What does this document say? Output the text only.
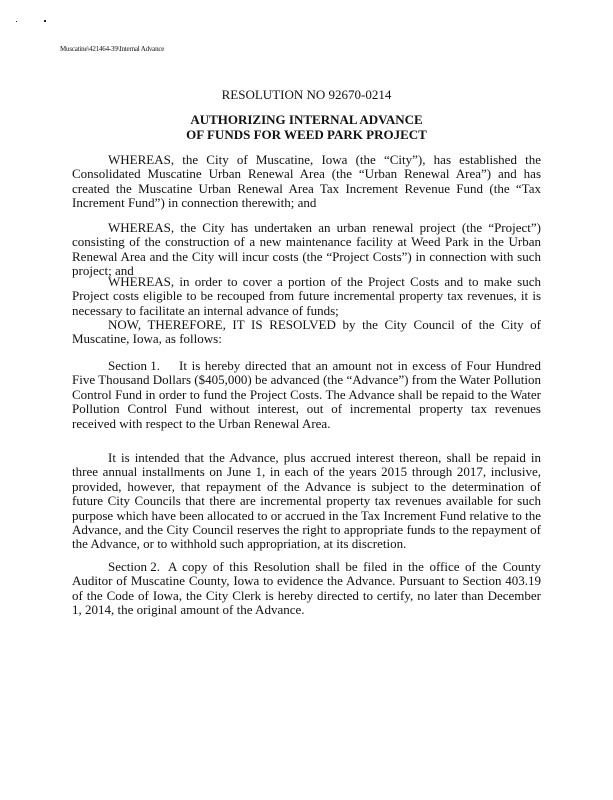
Muscatine\421464-39\Internal Advance
RESOLUTION NO 92670-0214
AUTHORIZING INTERNAL ADVANCE
OF FUNDS FOR WEED PARK PROJECT
WHEREAS, the City of Muscatine, Iowa (the “City”), has established the Consolidated Muscatine Urban Renewal Area (the “Urban Renewal Area”) and has created the Muscatine Urban Renewal Area Tax Increment Revenue Fund (the “Tax Increment Fund”) in connection therewith; and
WHEREAS, the City has undertaken an urban renewal project (the “Project”) consisting of the construction of a new maintenance facility at Weed Park in the Urban Renewal Area and the City will incur costs (the “Project Costs”) in connection with such project; and
WHEREAS, in order to cover a portion of the Project Costs and to make such Project costs eligible to be recouped from future incremental property tax revenues, it is necessary to facilitate an internal advance of funds;
NOW, THEREFORE, IT IS RESOLVED by the City Council of the City of Muscatine, Iowa, as follows:
Section 1. It is hereby directed that an amount not in excess of Four Hundred Five Thousand Dollars ($405,000) be advanced (the “Advance”) from the Water Pollution Control Fund in order to fund the Project Costs. The Advance shall be repaid to the Water Pollution Control Fund without interest, out of incremental property tax revenues received with respect to the Urban Renewal Area.
It is intended that the Advance, plus accrued interest thereon, shall be repaid in three annual installments on June 1, in each of the years 2015 through 2017, inclusive, provided, however, that repayment of the Advance is subject to the determination of future City Councils that there are incremental property tax revenues available for such purpose which have been allocated to or accrued in the Tax Increment Fund relative to the Advance, and the City Council reserves the right to appropriate funds to the repayment of the Advance, or to withhold such appropriation, at its discretion.
Section 2. A copy of this Resolution shall be filed in the office of the County Auditor of Muscatine County, Iowa to evidence the Advance. Pursuant to Section 403.19 of the Code of Iowa, the City Clerk is hereby directed to certify, no later than December 1, 2014, the original amount of the Advance.
